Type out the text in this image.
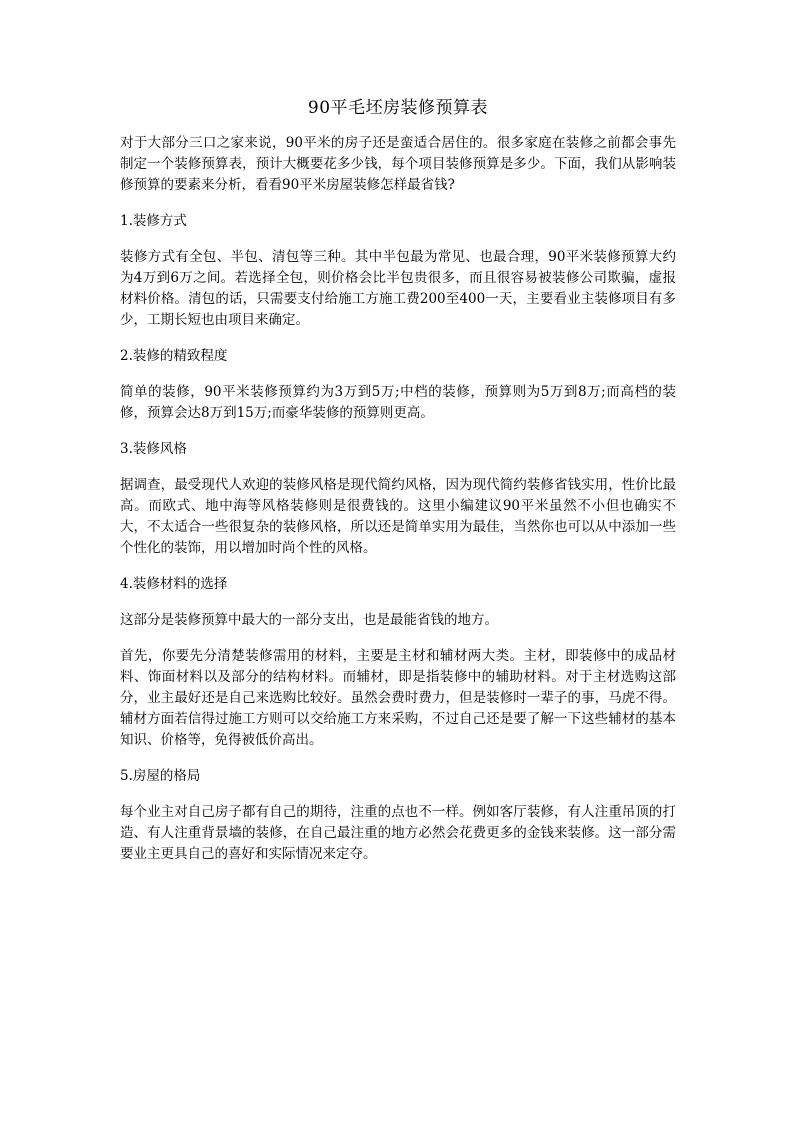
90平毛坯房装修预算表

对于大部分三口之家来说，90平米的房子还是蛮适合居住的。很多家庭在装修之前都会事先制定一个装修预算表，预计大概要花多少钱，每个项目装修预算是多少。下面，我们从影响装修预算的要素来分析，看看90平米房屋装修怎样最省钱?

1.装修方式

装修方式有全包、半包、清包等三种。其中半包最为常见、也最合理，90平米装修预算大约为4万到6万之间。若选择全包，则价格会比半包贵很多，而且很容易被装修公司欺骗，虚报材料价格。清包的话，只需要支付给施工方施工费200至400一天，主要看业主装修项目有多少，工期长短也由项目来确定。

2.装修的精致程度

简单的装修，90平米装修预算约为3万到5万;中档的装修，预算则为5万到8万;而高档的装修，预算会达8万到15万;而豪华装修的预算则更高。

3.装修风格

据调查，最受现代人欢迎的装修风格是现代简约风格，因为现代简约装修省钱实用，性价比最高。而欧式、地中海等风格装修则是很费钱的。这里小编建议90平米虽然不小但也确实不大，不太适合一些很复杂的装修风格，所以还是简单实用为最佳，当然你也可以从中添加一些个性化的装饰，用以增加时尚个性的风格。

4.装修材料的选择

这部分是装修预算中最大的一部分支出，也是最能省钱的地方。

首先，你要先分清楚装修需用的材料，主要是主材和辅材两大类。主材，即装修中的成品材料、饰面材料以及部分的结构材料。而辅材，即是指装修中的辅助材料。对于主材选购这部分，业主最好还是自己来选购比较好。虽然会费时费力，但是装修时一辈子的事，马虎不得。辅材方面若信得过施工方则可以交给施工方来采购，不过自己还是要了解一下这些辅材的基本知识、价格等，免得被低价高出。

5.房屋的格局

每个业主对自己房子都有自己的期待，注重的点也不一样。例如客厅装修，有人注重吊顶的打造、有人注重背景墙的装修，在自己最注重的地方必然会花费更多的金钱来装修。这一部分需要业主更具自己的喜好和实际情况来定夺。
